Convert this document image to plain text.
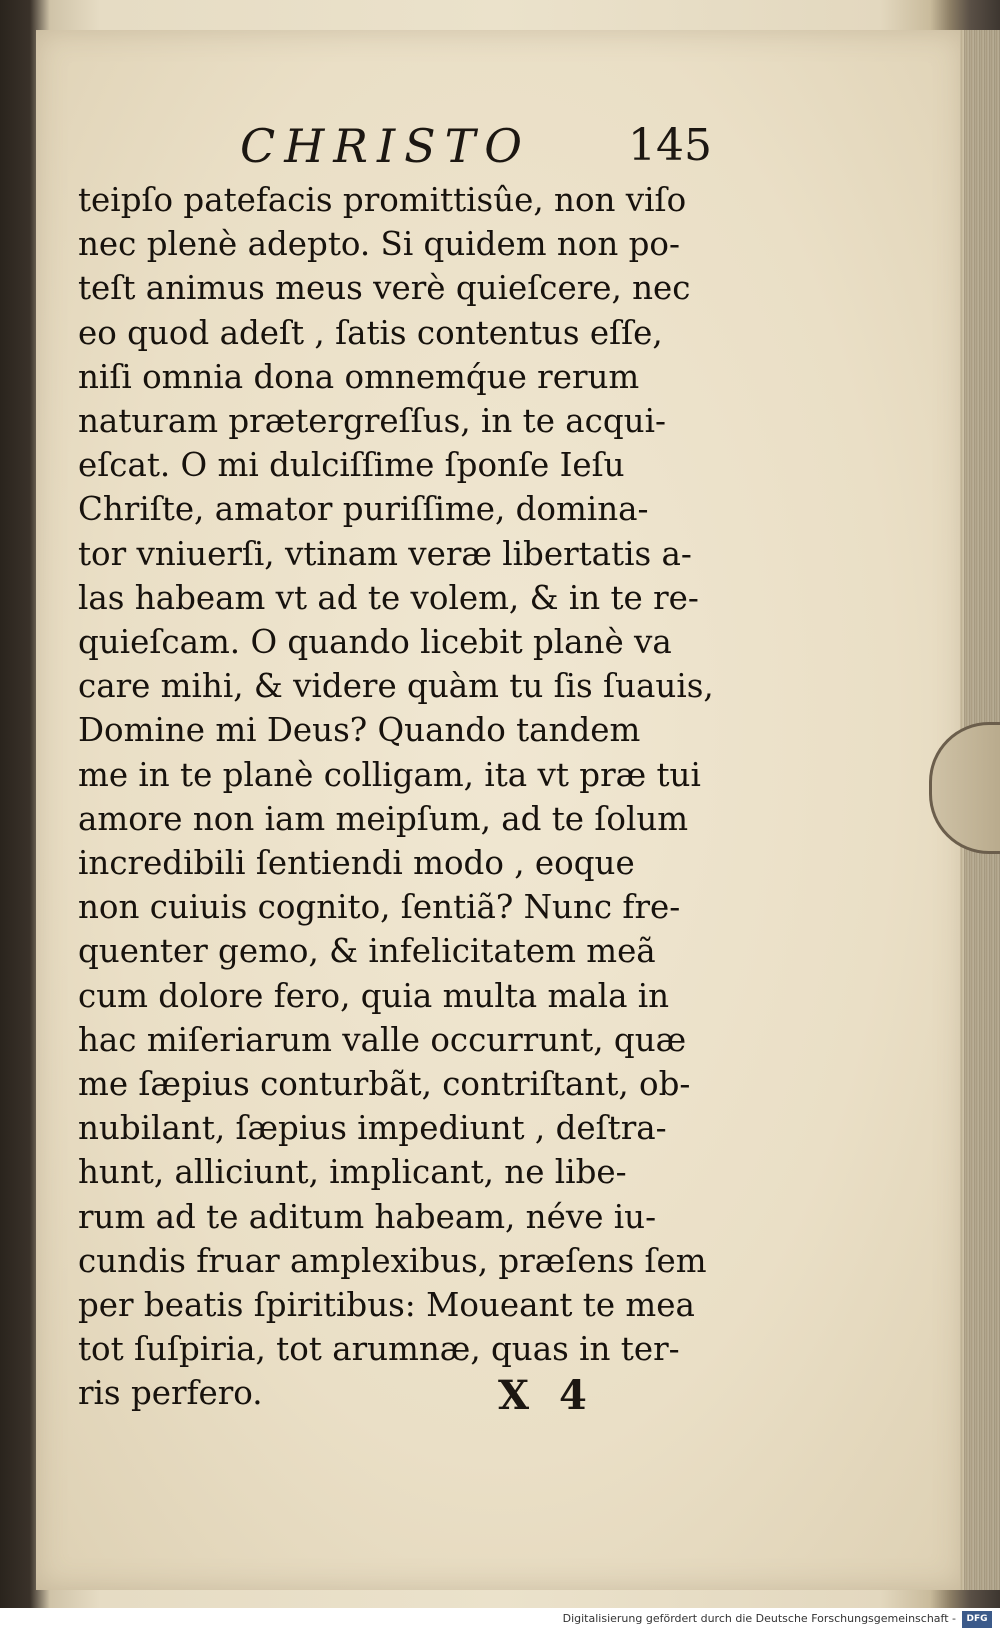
CHRISTO 145
teipſo patefacis promittisûe, non viſo
nec plenè adepto. Si quidem non po-
teſt animus meus verè quieſcere, nec
eo quod adeſt , ſatis contentus eſſe,
niſi omnia dona omnemq́ue rerum
naturam prætergreſſus, in te acqui-
eſcat. O mi dulciſſime ſponſe Ieſu
Chriſte, amator puriſſime, domina-
tor vniuerſi, vtinam veræ libertatis a-
las habeam vt ad te volem, & in te re-
quieſcam. O quando licebit planè va
care mihi, & videre quàm tu ſis ſuauis,
Domine mi Deus? Quando tandem
me in te planè colligam, ita vt præ tui
amore non iam meipſum, ad te ſolum
incredibili ſentiendi modo , eoque
non cuiuis cognito, ſentiã? Nunc fre-
quenter gemo, & infelicitatem meã
cum dolore fero, quia multa mala in
hac miſeriarum valle occurrunt, quæ
me ſæpius conturbãt, contriſtant, ob-
nubilant, ſæpius impediunt , deſtra-
hunt, alliciunt, implicant, ne libe-
rum ad te aditum habeam, néve iu-
cundis fruar amplexibus, præſens ſem
per beatis ſpiritibus: Moueant te mea
tot ſuſpiria, tot arumnæ, quas in ter-
ris perfero.	X 4
Digitalisierung gefördert durch die Deutsche Forschungsgemeinschaft -	DFG
